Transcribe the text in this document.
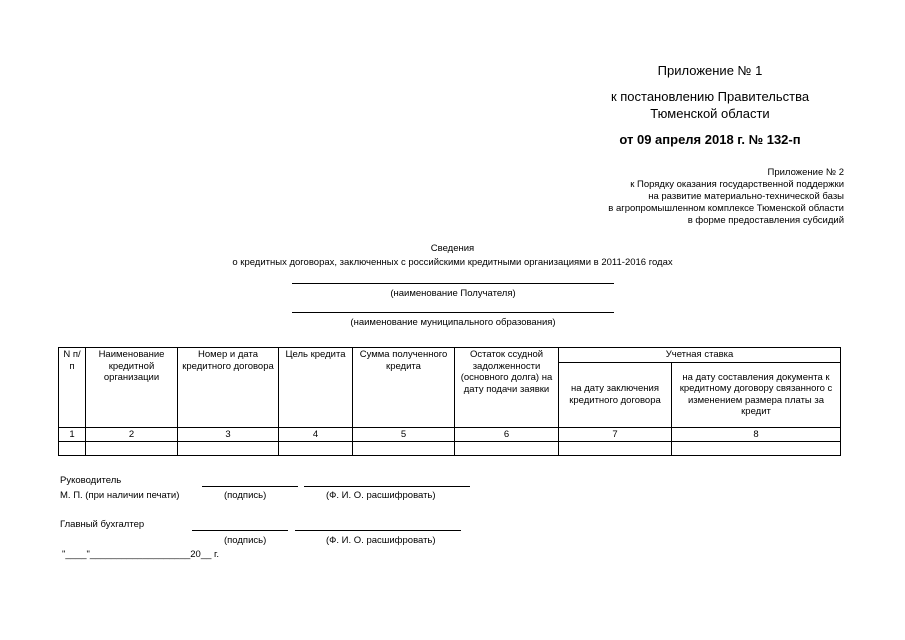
Приложение № 1
к постановлению Правительства
Тюменской области
от 09 апреля 2018 г. № 132-п
Приложение № 2
к Порядку оказания государственной поддержки
на развитие материально-технической базы
в агропромышленном комплексе Тюменской области
в форме предоставления субсидий
Сведения
о кредитных договорах, заключенных с российскими кредитными организациями в 2011-2016 годах
(наименование Получателя)
(наименование муниципального образования)
N п/п	Наименование кредитной организации	Номер и дата кредитного договора	Цель кредита	Сумма полученного кредита	Остаток ссудной задолженности (основного долга) на дату подачи заявки	Учетная ставка	
						на дату заключения кредитного договора	на дату составления документа к кредитному договору связанного с изменением размера платы за кредит
1	2	3	4	5	6	7	8

Руководитель
М. П. (при наличии печати)	(подпись)	(Ф. И. О. расшифровать)
Главный бухгалтер
(подпись)	(Ф. И. О. расшифровать)
"____"___________________20__ г.
